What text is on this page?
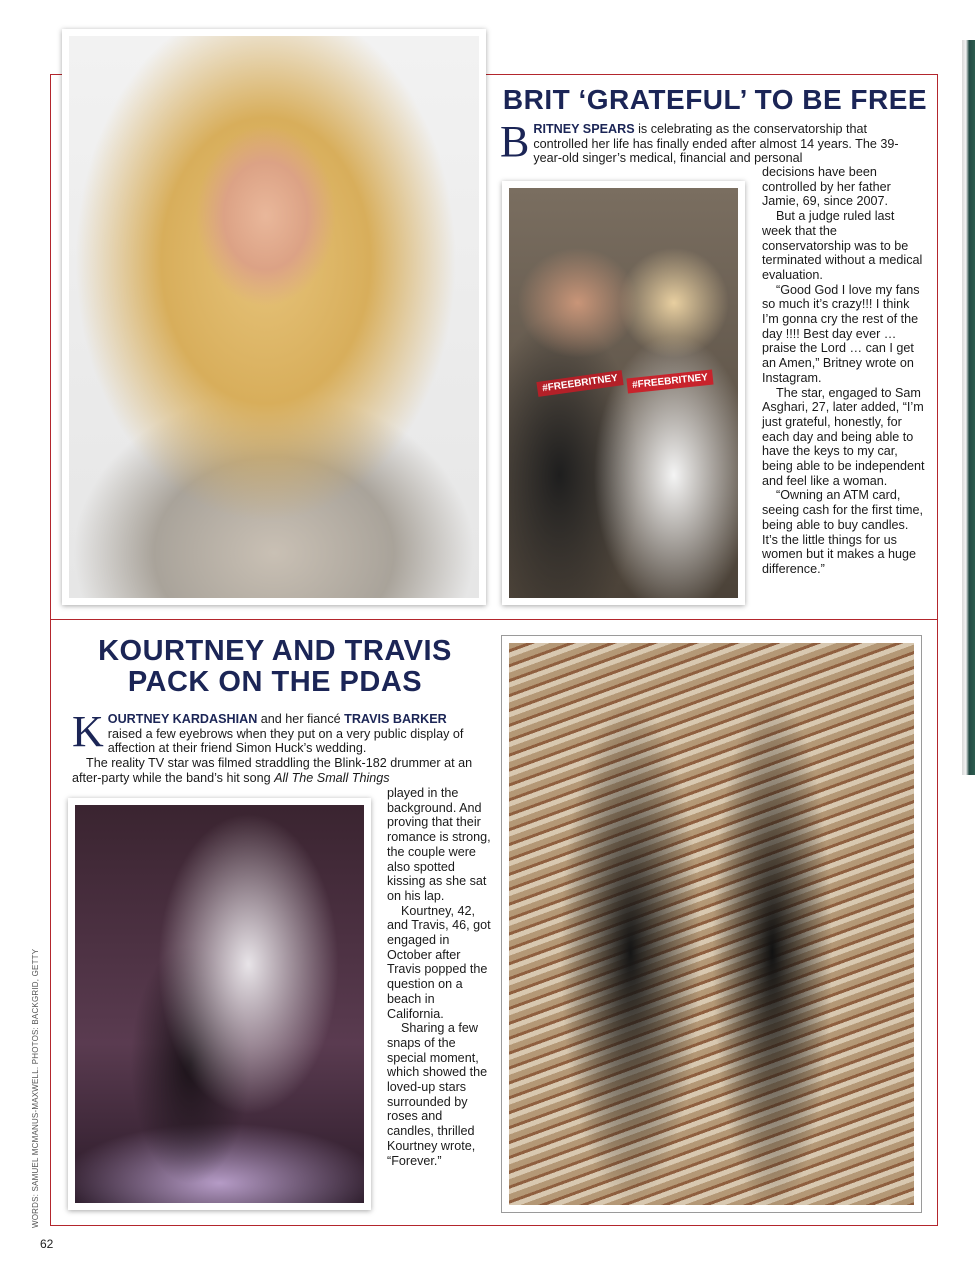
BRIT ‘GRATEFUL’ TO BE FREE
BRITNEY SPEARS is celebrating as the conservatorship that controlled her life has finally ended after almost 14 years. The 39-year-old singer’s medical, financial and personal
#FREEBRITNEY	#FREEBRITNEY

decisions have been controlled by her father Jamie, 69, since 2007.

But a judge ruled last week that the conservatorship was to be terminated without a medical evaluation.

“Good God I love my fans so much it’s crazy!!! I think I’m gonna cry the rest of the day !!!! Best day ever … praise the Lord … can I get an Amen,” Britney wrote on Instagram.

The star, engaged to Sam Asghari, 27, later added, “I’m just grateful, honestly, for each day and being able to have the keys to my car, being able to be independent and feel like a woman.

“Owning an ATM card, seeing cash for the first time, being able to buy candles. It’s the little things for us women but it makes a huge difference.”

KOURTNEY AND TRAVIS
PACK ON THE PDAS
KOURTNEY KARDASHIAN and her fiancé TRAVIS BARKER raised a few eyebrows when they put on a very public display of affection at their friend Simon Huck’s wedding.
The reality TV star was filmed straddling the Blink-182 drummer at an after-party while the band’s hit song All The Small Things

played in the background. And proving that their romance is strong, the couple were also spotted kissing as she sat on his lap.

Kourtney, 42, and Travis, 46, got engaged in October after Travis popped the question on a beach in California.

Sharing a few snaps of the special moment, which showed the loved-up stars surrounded by roses and candles, thrilled Kourtney wrote, “Forever.”

WORDS: SAMUEL MCMANUS-MAXWELL. PHOTOS: BACKGRID, GETTY
62
